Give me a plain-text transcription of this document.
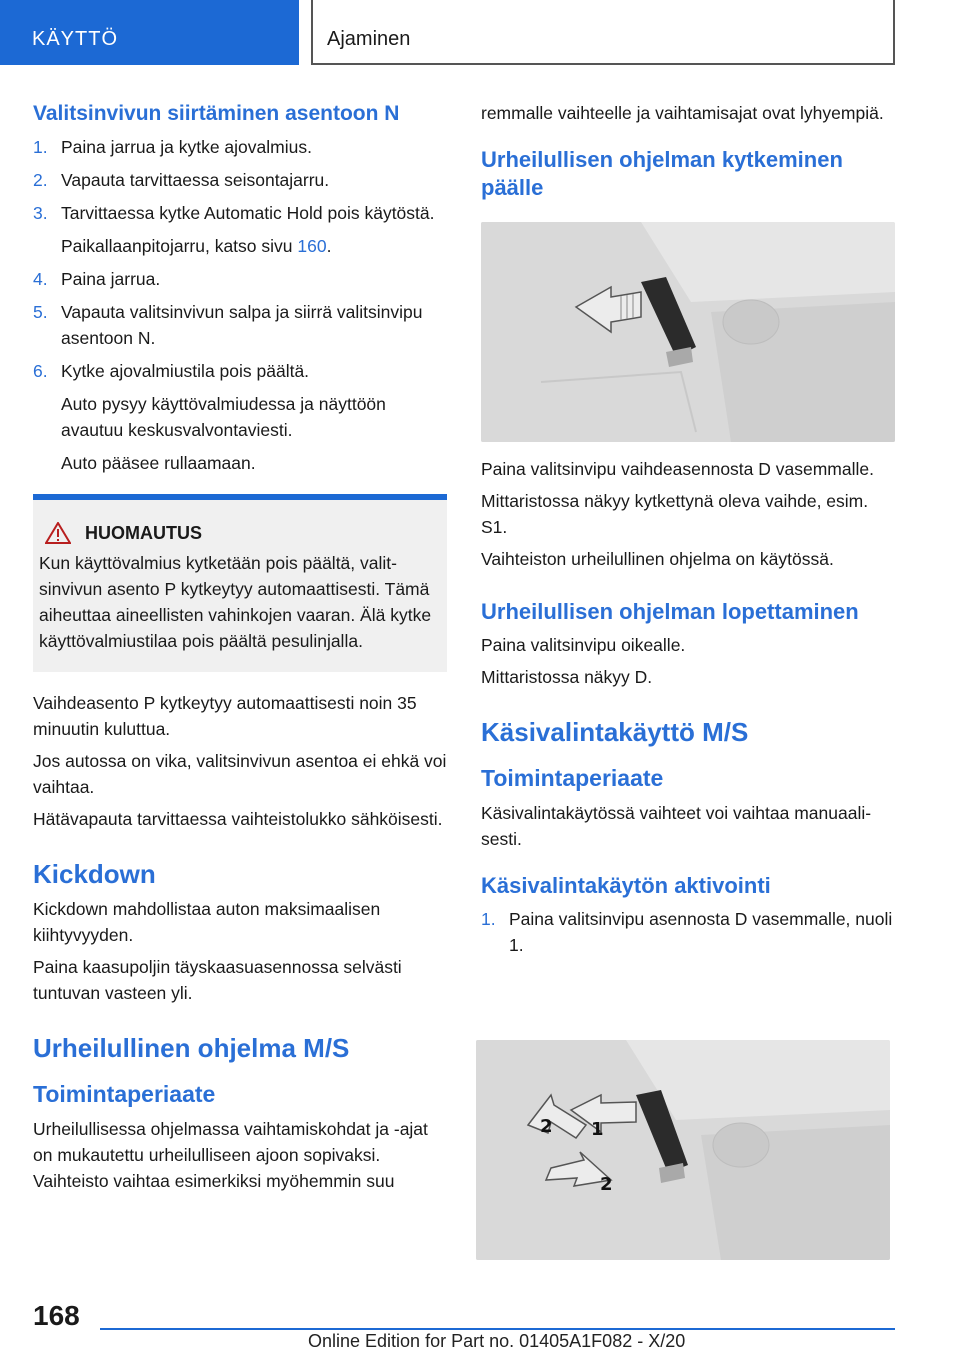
KÄYTTÖ	Ajaminen
Valitsinvivun siirtäminen asentoon N
1. Paina jarrua ja kytke ajovalmius.
2. Vapauta tarvittaessa seisontajarru.
3. Tarvittaessa kytke Automatic Hold pois käytöstä.
Paikallaanpitojarru, katso sivu 160.
4. Paina jarrua.
5. Vapauta valitsinvivun salpa ja siirrä valitsinvipu asentoon N.
6. Kytke ajovalmiustila pois päältä.
Auto pysyy käyttövalmiudessa ja näyttöön avautuu keskusvalvontaviesti.
Auto pääsee rullaamaan.
HUOMAUTUS
Kun käyttövalmius kytketään pois päältä, valitsinvivun asento P kytkeytyy automaattisesti. Tämä aiheuttaa aineellisten vahinkojen vaaran. Älä kytke käyttövalmiustilaa pois päältä pesulinjalla.
Vaihdeasento P kytkeytyy automaattisesti noin 35 minuutin kuluttua.
Jos autossa on vika, valitsinvivun asentoa ei ehkä voi vaihtaa.
Hätävapauta tarvittaessa vaihteistolukko sähköisesti.
Kickdown
Kickdown mahdollistaa auton maksimaalisen kiihtyvyyden.
Paina kaasupoljin täyskaasuasennossa selvästi tuntuvan vasteen yli.
Urheilullinen ohjelma M/S
Toimintaperiaate
Urheilullisessa ohjelmassa vaihtamiskohdat ja -ajat on mukautettu urheilulliseen ajoon sopivaksi. Vaihteisto vaihtaa esimerkiksi myöhemmin suu
remmalle vaihteelle ja vaihtamisajat ovat lyhyempiä.
Urheilullisen ohjelman kytkeminen päälle
Paina valitsinvipu vaihdeasennosta D vasemmalle.
Mittaristossa näkyy kytkettynä oleva vaihde, esim. S1.
Vaihteiston urheilullinen ohjelma on käytössä.
Urheilullisen ohjelman lopettaminen
Paina valitsinvipu oikealle.
Mittaristossa näkyy D.
Käsivalintakäyttö M/S
Toimintaperiaate
Käsivalintakäytössä vaihteet voi vaihtaa manuaalisesti.
Käsivalintakäytön aktivointi
1. Paina valitsinvipu asennosta D vasemmalle, nuoli 1.
1
2
2
168
Online Edition for Part no. 01405A1F082 - X/20
